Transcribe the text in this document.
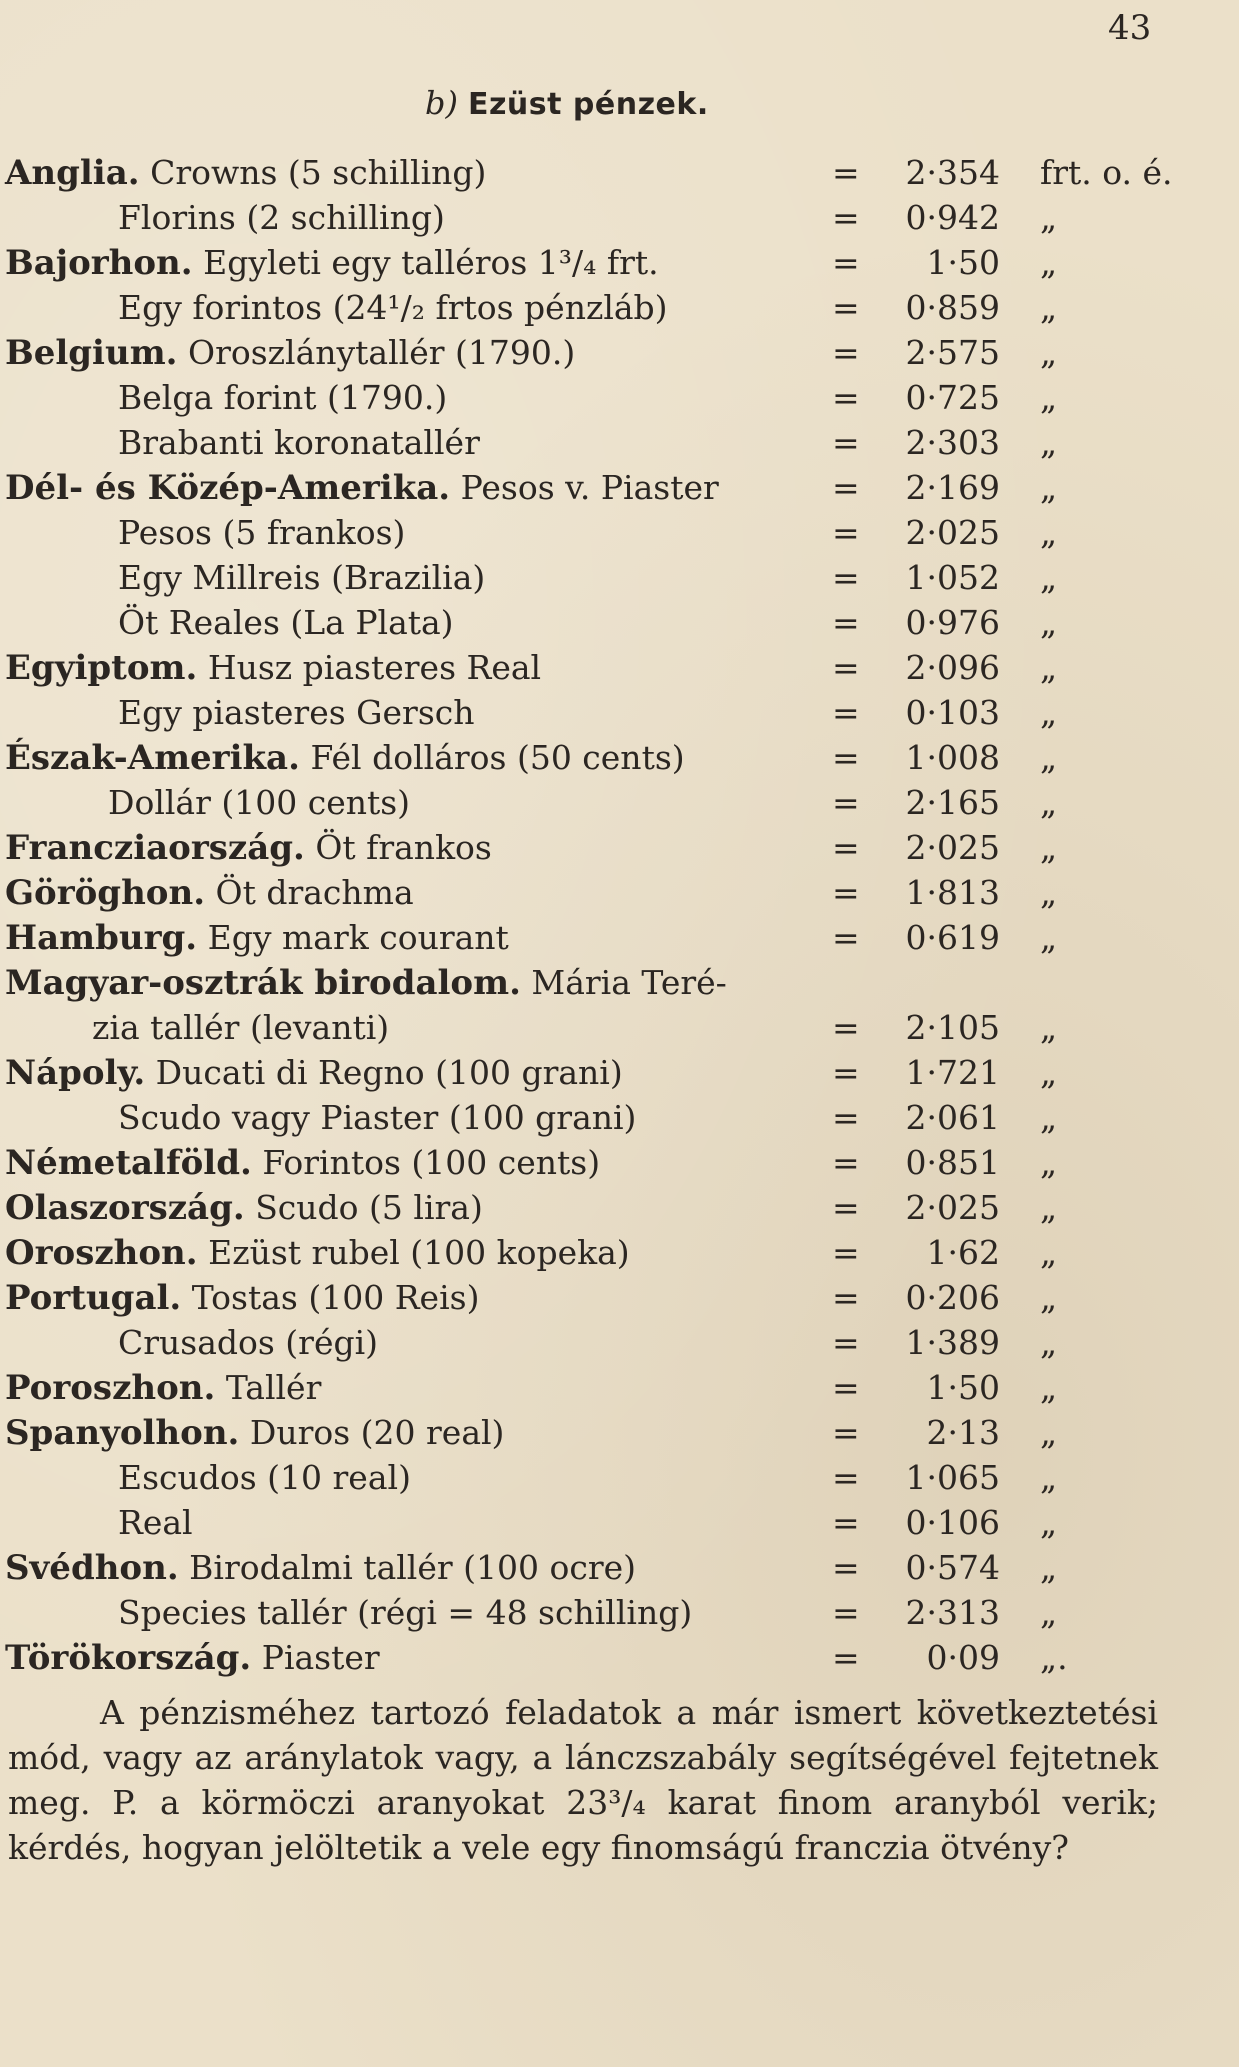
43
b) Ezüst pénzek.
Anglia. Crowns (5 schilling)	=	2·354 frt. o. é.
Florins (2 schilling)	=	0·942 „
Bajorhon. Egyleti egy talléros 1³/₄ frt.	=	1·50 „
Egy forintos (24¹/₂ frtos pénzláb)	=	0·859 „
Belgium. Oroszlánytallér (1790.)	=	2·575 „
Belga forint (1790.)	=	0·725 „
Brabanti koronatallér	=	2·303 „
Dél- és Közép-Amerika. Pesos v. Piaster	=	2·169 „
Pesos (5 frankos)	=	2·025 „
Egy Millreis (Brazilia)	=	1·052 „
Öt Reales (La Plata)	=	0·976 „
Egyiptom. Husz piasteres Real	=	2·096 „
Egy piasteres Gersch	=	0·103 „
Észak-Amerika. Fél dolláros (50 cents)	=	1·008 „
Dollár (100 cents)	=	2·165 „
Francziaország. Öt frankos	=	2·025 „
Göröghon. Öt drachma	=	1·813 „
Hamburg. Egy mark courant	=	0·619 „
Magyar-osztrák birodalom. Mária Teré-
zia tallér (levanti)	=	2·105 „
Nápoly. Ducati di Regno (100 grani)	=	1·721 „
Scudo vagy Piaster (100 grani)	=	2·061 „
Németalföld. Forintos (100 cents)	=	0·851 „
Olaszország. Scudo (5 lira)	=	2·025 „
Oroszhon. Ezüst rubel (100 kopeka)	=	1·62 „
Portugal. Tostas (100 Reis)	=	0·206 „
Crusados (régi)	=	1·389 „
Poroszhon. Tallér	=	1·50 „
Spanyolhon. Duros (20 real)	=	2·13 „
Escudos (10 real)	=	1·065 „
Real	=	0·106 „
Svédhon. Birodalmi tallér (100 ocre)	=	0·574 „
Species tallér (régi = 48 schilling)	=	2·313 „
Törökország. Piaster	=	0·09 „.

A pénzisméhez tartozó feladatok a már ismert következtetési mód, vagy az aránylatok vagy, a lánczszabály segítségével fejtetnek meg. P. a körmöczi aranyokat 23³/₄ karat finom aranyból verik; kérdés, hogyan jelöltetik a vele egy finomságú franczia ötvény?
